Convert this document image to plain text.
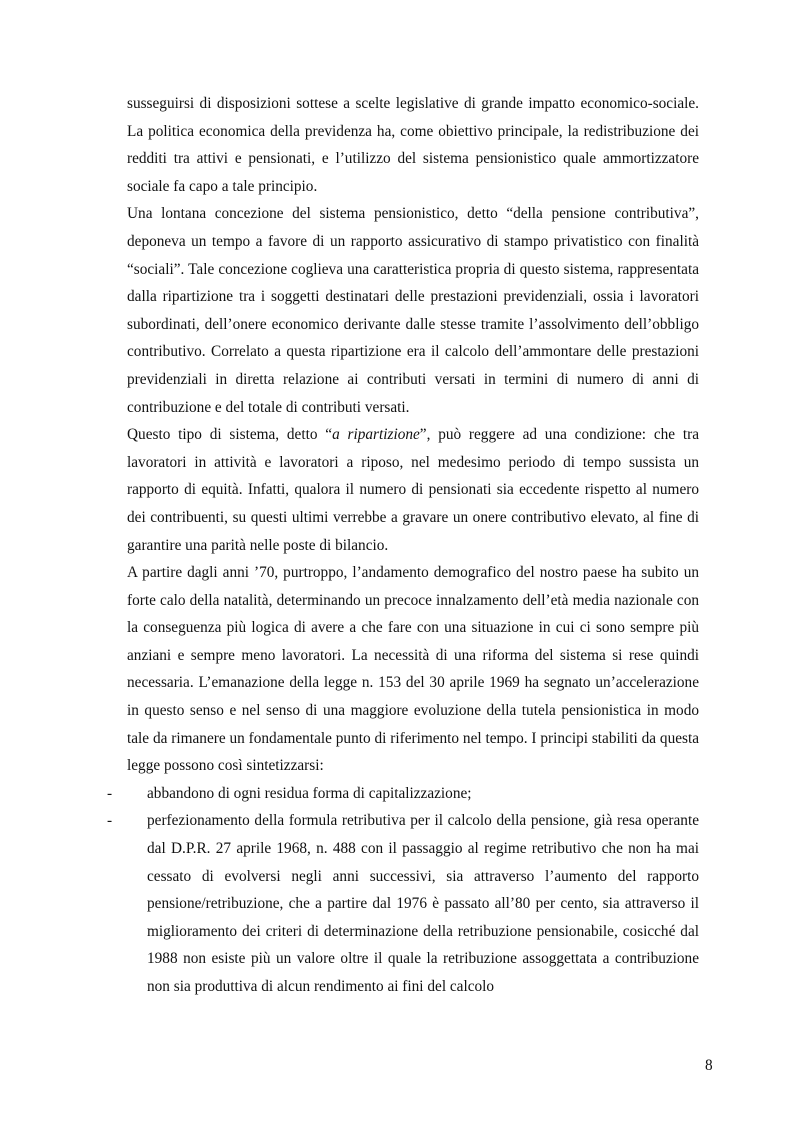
susseguirsi di disposizioni sottese a scelte legislative di grande impatto economico-sociale. La politica economica della previdenza ha, come obiettivo principale, la redistribuzione dei redditi tra attivi e pensionati, e l’utilizzo del sistema pensionistico quale ammortizzatore sociale fa capo a tale principio.

Una lontana concezione del sistema pensionistico, detto “della pensione contributiva”, deponeva un tempo a favore di un rapporto assicurativo di stampo privatistico con finalità “sociali”. Tale concezione coglieva una caratteristica propria di questo sistema, rappresentata dalla ripartizione tra i soggetti destinatari delle prestazioni previdenziali, ossia i lavoratori subordinati, dell’onere economico derivante dalle stesse tramite l’assolvimento dell’obbligo contributivo. Correlato a questa ripartizione era il calcolo dell’ammontare delle prestazioni previdenziali in diretta relazione ai contributi versati in termini di numero di anni di contribuzione e del totale di contributi versati.

Questo tipo di sistema, detto “a ripartizione”, può reggere ad una condizione: che tra lavoratori in attività e lavoratori a riposo, nel medesimo periodo di tempo sussista un rapporto di equità. Infatti, qualora il numero di pensionati sia eccedente rispetto al numero dei contribuenti, su questi ultimi verrebbe a gravare un onere contributivo elevato, al fine di garantire una parità nelle poste di bilancio.

A partire dagli anni ’70, purtroppo, l’andamento demografico del nostro paese ha subito un forte calo della natalità, determinando un precoce innalzamento dell’età media nazionale con la conseguenza più logica di avere a che fare con una situazione in cui ci sono sempre più anziani e sempre meno lavoratori. La necessità di una riforma del sistema si rese quindi necessaria. L’emanazione della legge n. 153 del 30 aprile 1969 ha segnato un’accelerazione in questo senso e nel senso di una maggiore evoluzione della tutela pensionistica in modo tale da rimanere un fondamentale punto di riferimento nel tempo. I principi stabiliti da questa legge possono così sintetizzarsi:

- abbandono di ogni residua forma di capitalizzazione;
- perfezionamento della formula retributiva per il calcolo della pensione, già resa operante dal D.P.R. 27 aprile 1968, n. 488 con il passaggio al regime retributivo che non ha mai cessato di evolversi negli anni successivi, sia attraverso l’aumento del rapporto pensione/retribuzione, che a partire dal 1976 è passato all’80 per cento, sia attraverso il miglioramento dei criteri di determinazione della retribuzione pensionabile, cosicché dal 1988 non esiste più un valore oltre il quale la retribuzione assoggettata a contribuzione non sia produttiva di alcun rendimento ai fini del calcolo
8
